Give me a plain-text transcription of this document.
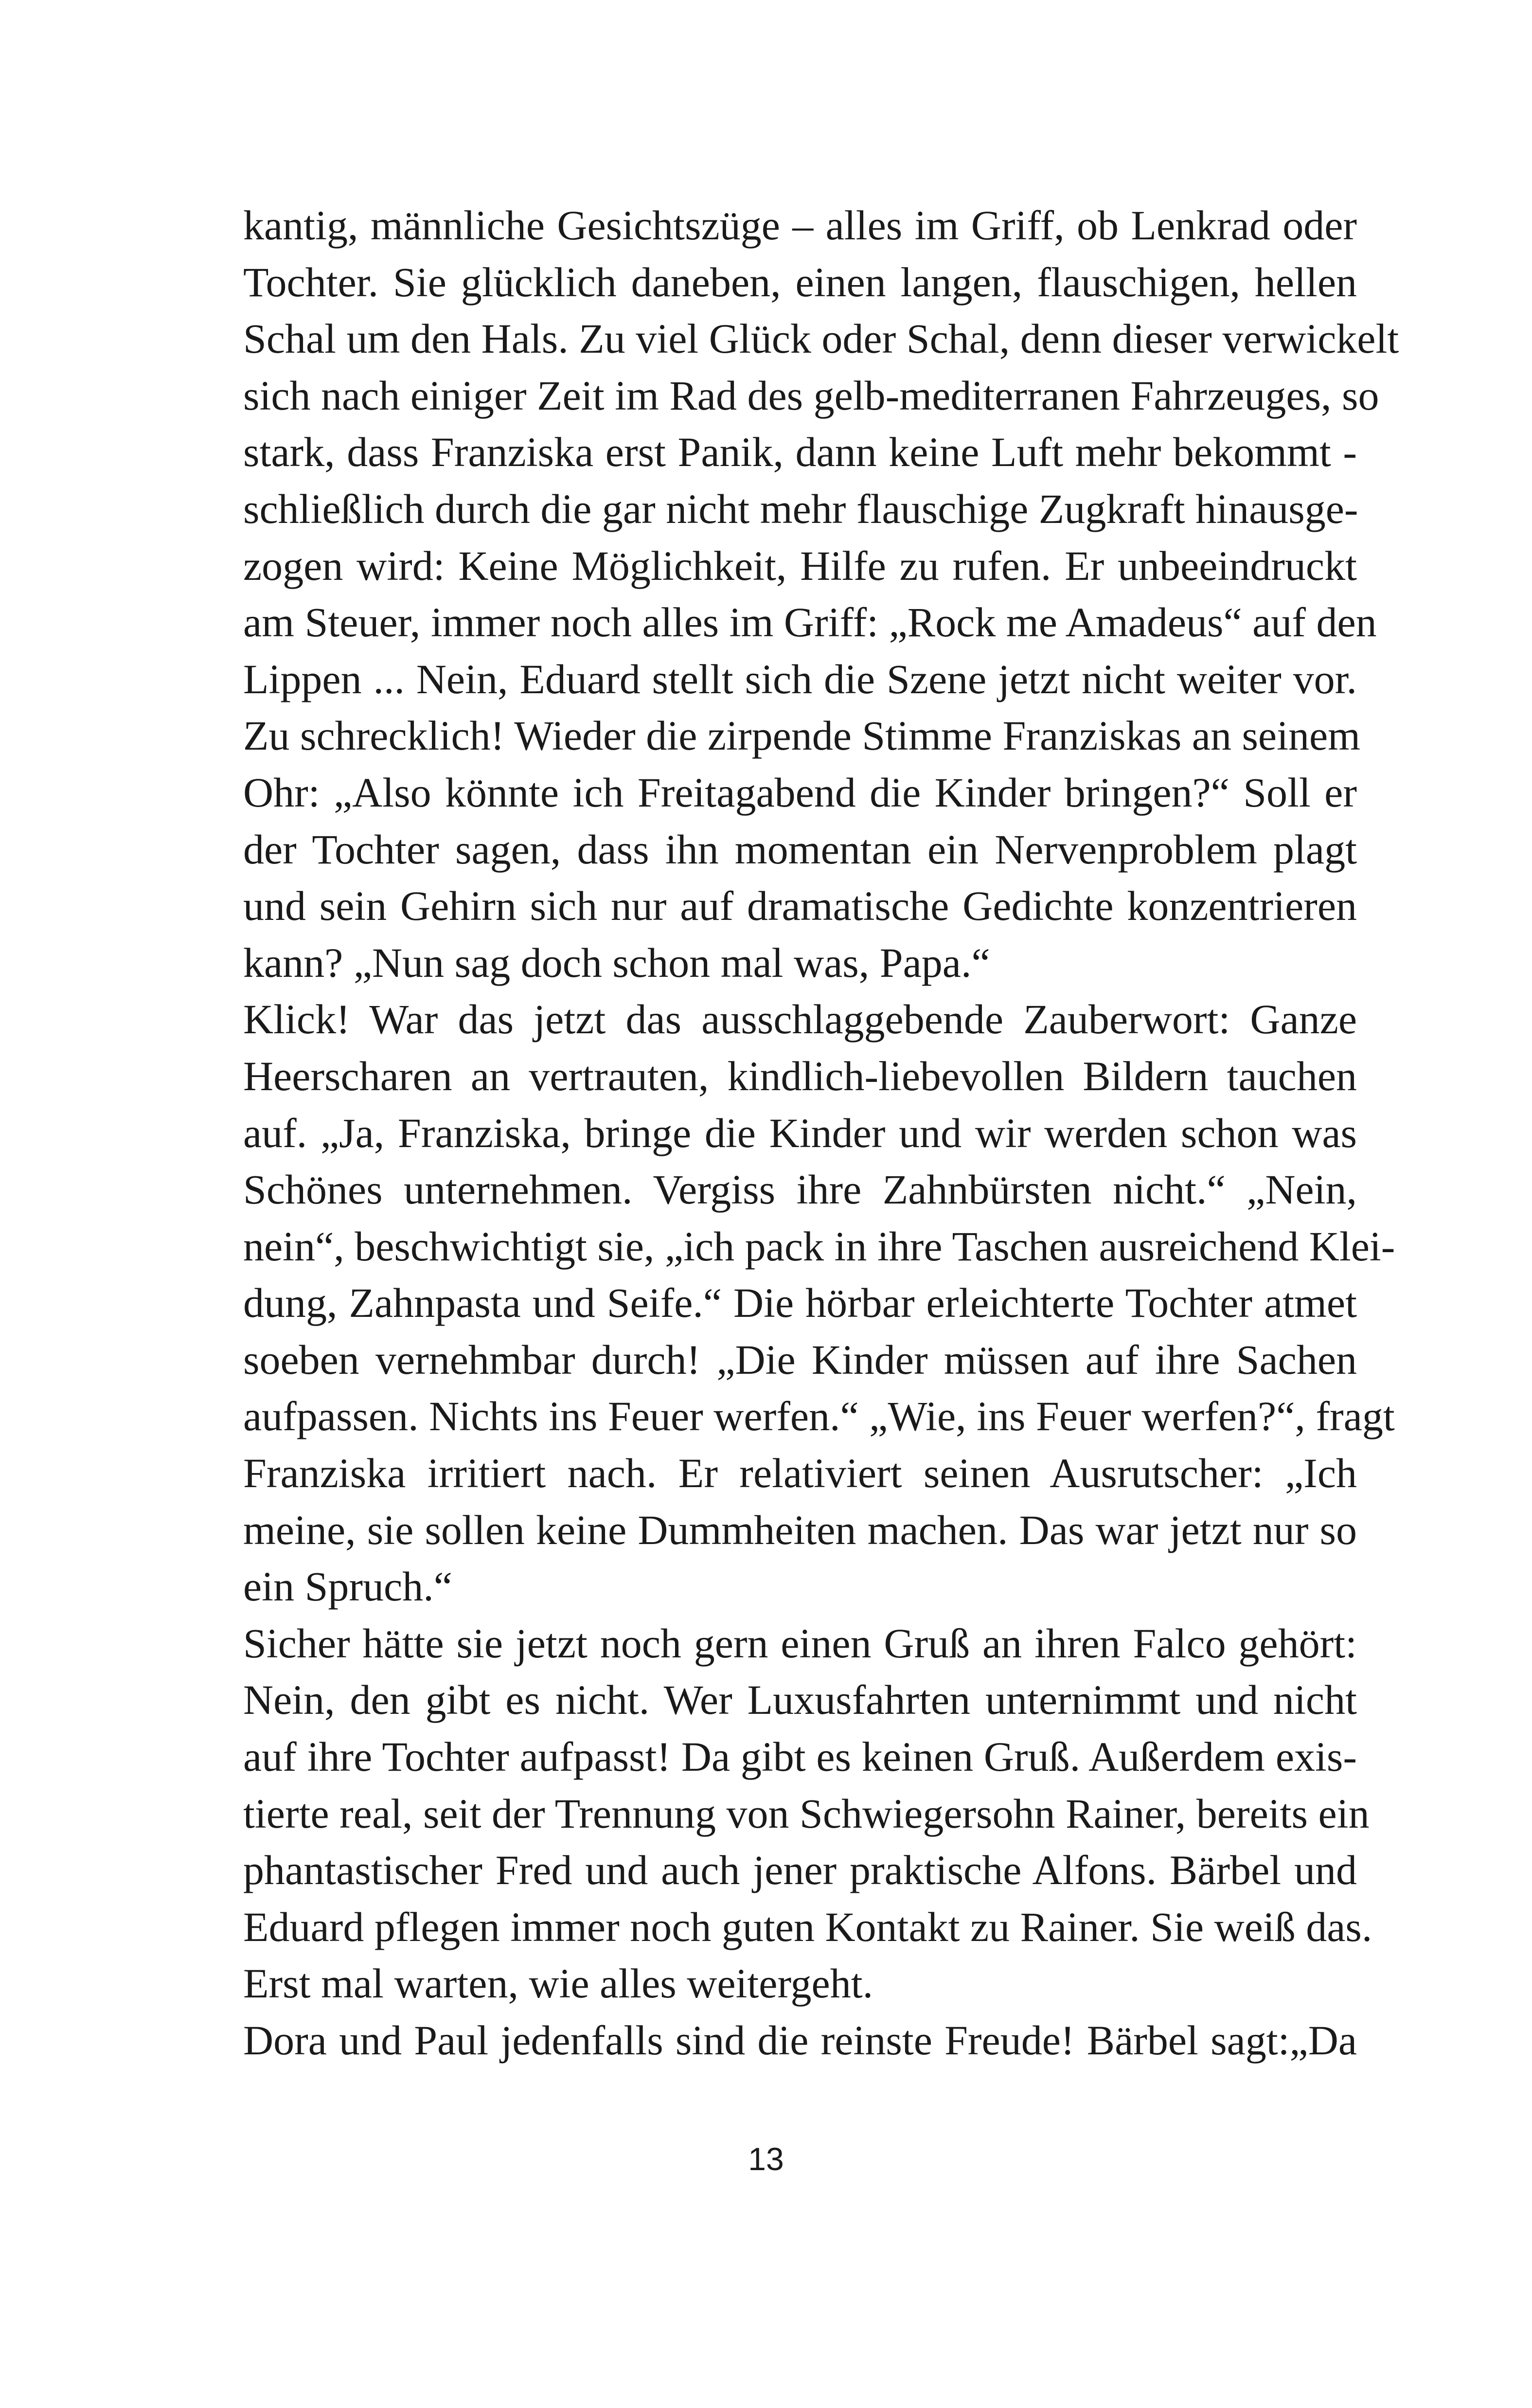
kantig, männliche Gesichtszüge – alles im Griff, ob Lenkrad oder
Tochter. Sie glücklich daneben, einen langen, flauschigen, hellen
Schal um den Hals. Zu viel Glück oder Schal, denn dieser verwickelt
sich nach einiger Zeit im Rad des gelb-mediterranen Fahrzeuges, so
stark, dass Franziska erst Panik, dann keine Luft mehr bekommt -
schließlich durch die gar nicht mehr flauschige Zugkraft hinausge-
zogen wird: Keine Möglichkeit, Hilfe zu rufen. Er unbeeindruckt
am Steuer, immer noch alles im Griff: „Rock me Amadeus“ auf den
Lippen ... Nein, Eduard stellt sich die Szene jetzt nicht weiter vor.
Zu schrecklich! Wieder die zirpende Stimme Franziskas an seinem
Ohr: „Also könnte ich Freitagabend die Kinder bringen?“ Soll er
der Tochter sagen, dass ihn momentan ein Nervenproblem plagt
und sein Gehirn sich nur auf dramatische Gedichte konzentrieren
kann? „Nun sag doch schon mal was, Papa.“
Klick! War das jetzt das ausschlaggebende Zauberwort: Ganze
Heerscharen an vertrauten, kindlich-liebevollen Bildern tauchen
auf. „Ja, Franziska, bringe die Kinder und wir werden schon was
Schönes unternehmen. Vergiss ihre Zahnbürsten nicht.“ „Nein,
nein“, beschwichtigt sie, „ich pack in ihre Taschen ausreichend Klei-
dung, Zahnpasta und Seife.“ Die hörbar erleichterte Tochter atmet
soeben vernehmbar durch! „Die Kinder müssen auf ihre Sachen
aufpassen. Nichts ins Feuer werfen.“ „Wie, ins Feuer werfen?“, fragt
Franziska irritiert nach. Er relativiert seinen Ausrutscher: „Ich
meine, sie sollen keine Dummheiten machen. Das war jetzt nur so
ein Spruch.“
Sicher hätte sie jetzt noch gern einen Gruß an ihren Falco gehört:
Nein, den gibt es nicht. Wer Luxusfahrten unternimmt und nicht
auf ihre Tochter aufpasst! Da gibt es keinen Gruß. Außerdem exis-
tierte real, seit der Trennung von Schwiegersohn Rainer, bereits ein
phantastischer Fred und auch jener praktische Alfons. Bärbel und
Eduard pflegen immer noch guten Kontakt zu Rainer. Sie weiß das.
Erst mal warten, wie alles weitergeht.
Dora und Paul jedenfalls sind die reinste Freude! Bärbel sagt:„Da
13
